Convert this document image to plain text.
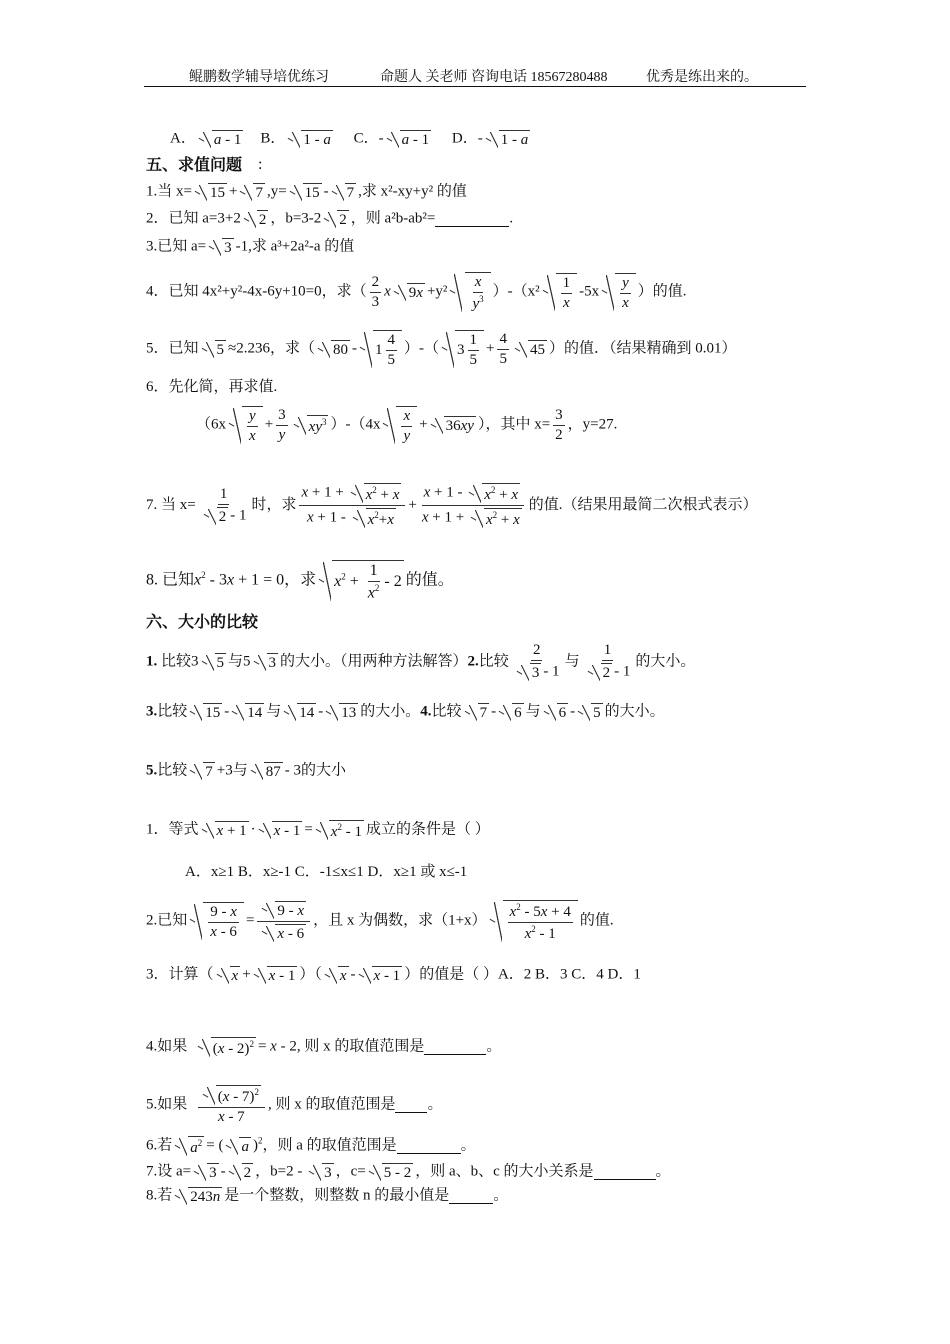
鲲鹏数学辅导培优练习	命题人 关老师 咨询电话 18567280488	优秀是练出来的。
A． a - 1 B． 1 - a C．- a - 1 D．- 1 - a
五、求值问题 :
1.当 x= 15 + 7 ,y= 15 - 7 ,求 x²-xy+y² 的值
2．已知 a=3+2 2 ，b=3-2 2 ，则 a²b-ab²=	.
3.已知 a= 3 -1,求 a³+2a²-a 的值
4．已知 4x²+y²-4x-6y+10=0，求（ $\frac{2}{3}$ x $9x +y^2 \frac{x}{y^3} )-(x^2 \frac{1}{x} -5x \frac{y}{x}$ ）的值.
5．已知 5 ≈2.236，求（ $80 - 1 \frac{4}{5}$ ）-（ $3 \frac{1}{5} + \frac{4}{5} 45$ ）的值．（结果精确到 0.01）
6．先化简，再求值.
（$6x \frac{y}{x} + \frac{3}{y} xy^3$ ）$-(4x \frac{x}{y} + 36xy$ ），其中 $x= \frac{3}{2}$ ，y=27.
7. 当 $x= \frac{1}{2 - 1}$ 时，求 $\frac{x + 1 + x^2 + x}{x + 1 - x^2+x} + \frac{x + 1 - x^2 + x}{x + 1 + x^2 + x}$ 的值.（结果用最简二次根式表示）
8. 已知$x^2 - 3x + 1 = 0$，求 $x^2 + \frac{1}{x^2} - 2$ 的值。
六、大小的比较
1. 比较3 5 与5 3 的大小。（用两种方法解答）2.比较 $\frac{2}{3 - 1}$ 与 $\frac{1}{2 - 1}$ 的大小。
3.比较 15 - 14 与 14 - 13 的大小。4.比较 7 - 6 与 6 - 5 的大小。
5.比较 7 +3与 87 - 3的大小
1．等式 $x + 1 \cdot x - 1 = x^2 - 1$ 成立的条件是（ ）
A．x≥1 B．x≥-1 C．-1≤x≤1 D．x≥1 或 x≤-1
2.已知 $\frac{9 - x}{x - 6} = \frac{9 - x}{x - 6}$ ，且 x 为偶数，求$(1+x) \frac{x^2 - 5x + 4}{x^2 - 1}$ 的值.
3．计算（ x + x - 1 ）（ x - x - 1 ）的值是（ ）A．2 B．3 C．4 D．1
4.如果 (x - 2)$^2$ = x - 2, 则 x 的取值范围是	。
5.如果 $\frac{(x - 7)^2}{x - 7}$ , 则 x 的取值范围是 。
6.若 $a^2$ = ( a )$^2$，则 a 的取值范围是	。
7.设 a= 3 - 2 ，b=2 - 3 ，c= 5 - 2 ，则 a、b、c 的大小关系是	。
8.若 243n 是一个整数，则整数 n 的最小值是	。
